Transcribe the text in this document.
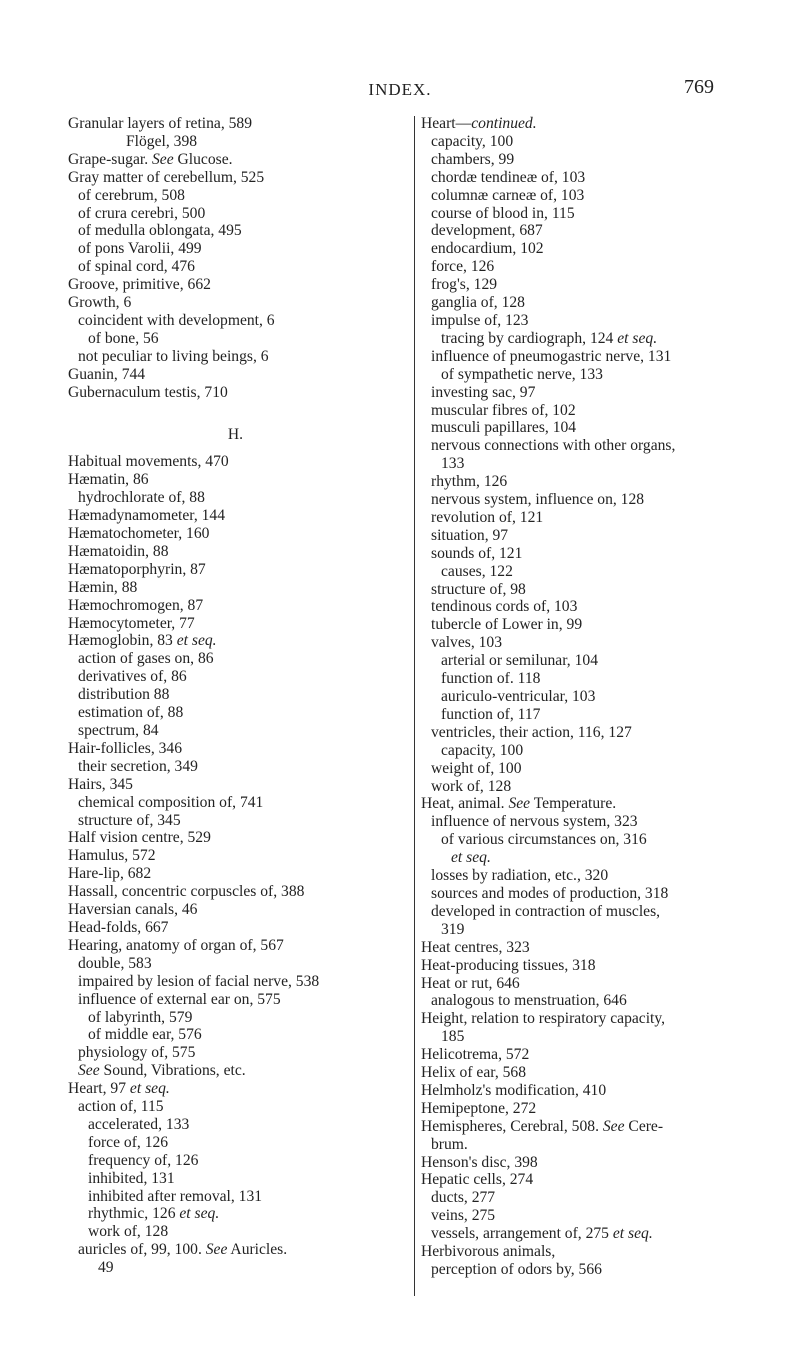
INDEX.	769
Granular layers of retina, 589
Flögel, 398
Grape-sugar. See Glucose.
Gray matter of cerebellum, 525
of cerebrum, 508
of crura cerebri, 500
of medulla oblongata, 495
of pons Varolii, 499
of spinal cord, 476
Groove, primitive, 662
Growth, 6
coincident with development, 6
of bone, 56
not peculiar to living beings, 6
Guanin, 744
Gubernaculum testis, 710
H.
Habitual movements, 470
Hæmatin, 86
hydrochlorate of, 88
Hæmadynamometer, 144
Hæmatochometer, 160
Hæmatoidin, 88
Hæmatoporphyrin, 87
Hæmin, 88
Hæmochromogen, 87
Hæmocytometer, 77
Hæmoglobin, 83 et seq.
action of gases on, 86
derivatives of, 86
distribution 88
estimation of, 88
spectrum, 84
Hair-follicles, 346
their secretion, 349
Hairs, 345
chemical composition of, 741
structure of, 345
Half vision centre, 529
Hamulus, 572
Hare-lip, 682
Hassall, concentric corpuscles of, 388
Haversian canals, 46
Head-folds, 667
Hearing, anatomy of organ of, 567
double, 583
impaired by lesion of facial nerve, 538
influence of external ear on, 575
of labyrinth, 579
of middle ear, 576
physiology of, 575
See Sound, Vibrations, etc.
Heart, 97 et seq.
action of, 115
accelerated, 133
force of, 126
frequency of, 126
inhibited, 131
inhibited after removal, 131
rhythmic, 126 et seq.
work of, 128
auricles of, 99, 100. See Auricles.
49
Heart—continued.
capacity, 100
chambers, 99
chordæ tendineæ of, 103
columnæ carneæ of, 103
course of blood in, 115
development, 687
endocardium, 102
force, 126
frog's, 129
ganglia of, 128
impulse of, 123
tracing by cardiograph, 124 et seq.
influence of pneumogastric nerve, 131
of sympathetic nerve, 133
investing sac, 97
muscular fibres of, 102
musculi papillares, 104
nervous connections with other organs,
133
rhythm, 126
nervous system, influence on, 128
revolution of, 121
situation, 97
sounds of, 121
causes, 122
structure of, 98
tendinous cords of, 103
tubercle of Lower in, 99
valves, 103
arterial or semilunar, 104
function of. 118
auriculo-ventricular, 103
function of, 117
ventricles, their action, 116, 127
capacity, 100
weight of, 100
work of, 128
Heat, animal. See Temperature.
influence of nervous system, 323
of various circumstances on, 316
et seq.
losses by radiation, etc., 320
sources and modes of production, 318
developed in contraction of muscles,
319
Heat centres, 323
Heat-producing tissues, 318
Heat or rut, 646
analogous to menstruation, 646
Height, relation to respiratory capacity,
185
Helicotrema, 572
Helix of ear, 568
Helmholz's modification, 410
Hemipeptone, 272
Hemispheres, Cerebral, 508. See Cere-
brum.
Henson's disc, 398
Hepatic cells, 274
ducts, 277
veins, 275
vessels, arrangement of, 275 et seq.
Herbivorous animals,
perception of odors by, 566
